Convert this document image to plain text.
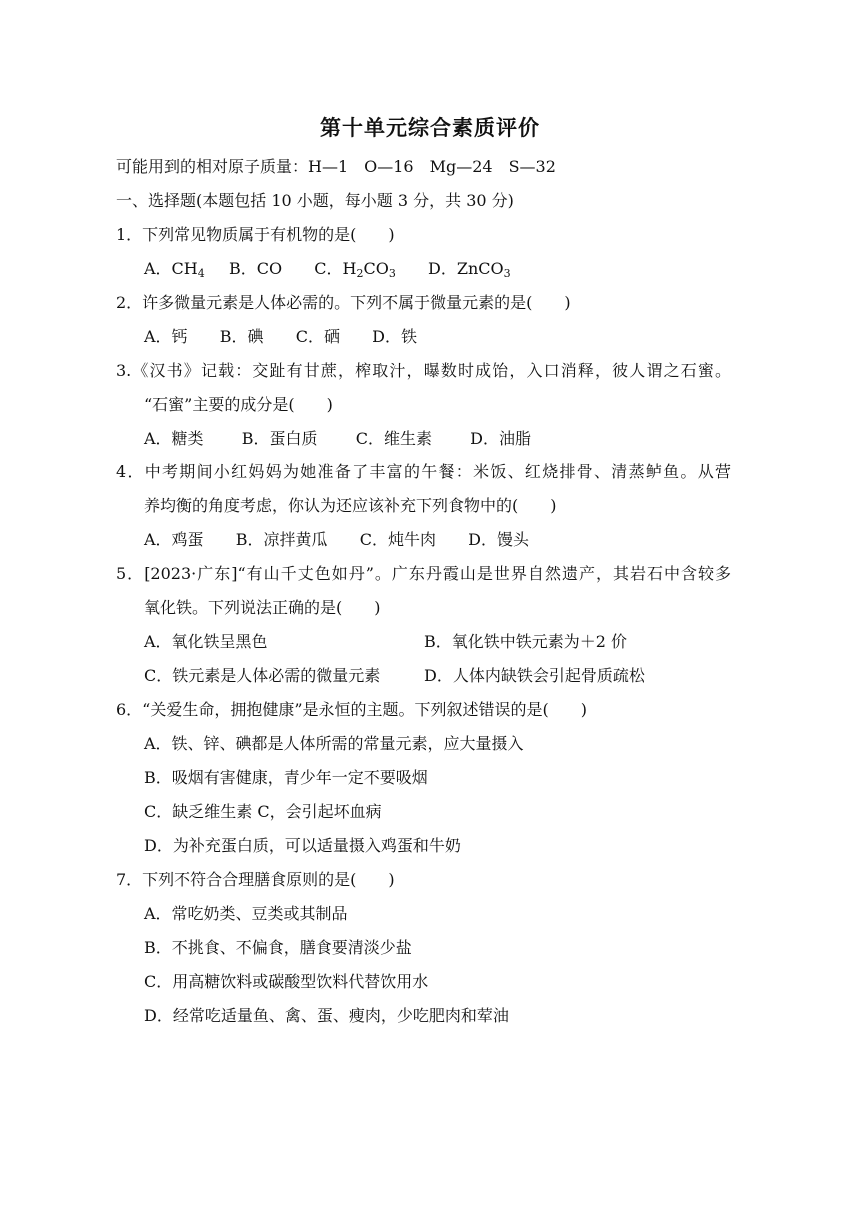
第十单元综合素质评价
可能用到的相对原子质量：H—1　O—16　Mg—24　S—32
一、选择题(本题包括 10 小题，每小题 3 分，共 30 分)
1．下列常见物质属于有机物的是(　　)
A．$CH_4$ B．CO C．$H_2CO_3$ D．ZnCO$_3$
2．许多微量元素是人体必需的。下列不属于微量元素的是(　　)
A．钙 B．碘 C．硒 D．铁
3.《汉书》记载：交趾有甘蔗，榨取汁，曝数时成饴，入口消释，彼人谓之石蜜。
“石蜜”主要的成分是(　　)
A．糖类 B．蛋白质 C．维生素 D．油脂
4．中考期间小红妈妈为她准备了丰富的午餐：米饭、红烧排骨、清蒸鲈鱼。从营
养均衡的角度考虑，你认为还应该补充下列食物中的(　　)
A．鸡蛋 B．凉拌黄瓜 C．炖牛肉 D．馒头
5．[2023·广东]“有山千丈色如丹”。广东丹霞山是世界自然遗产，其岩石中含较多
氧化铁。下列说法正确的是(　　)
A．氧化铁呈黑色	B．氧化铁中铁元素为＋2 价
C．铁元素是人体必需的微量元素	D．人体内缺铁会引起骨质疏松
6．“关爱生命，拥抱健康”是永恒的主题。下列叙述错误的是(　　)
A．铁、锌、碘都是人体所需的常量元素，应大量摄入
B．吸烟有害健康，青少年一定不要吸烟
C．缺乏维生素 C，会引起坏血病
D．为补充蛋白质，可以适量摄入鸡蛋和牛奶
7．下列不符合合理膳食原则的是(　　)
A．常吃奶类、豆类或其制品
B．不挑食、不偏食，膳食要清淡少盐
C．用高糖饮料或碳酸型饮料代替饮用水
D．经常吃适量鱼、禽、蛋、瘦肉，少吃肥肉和荤油
